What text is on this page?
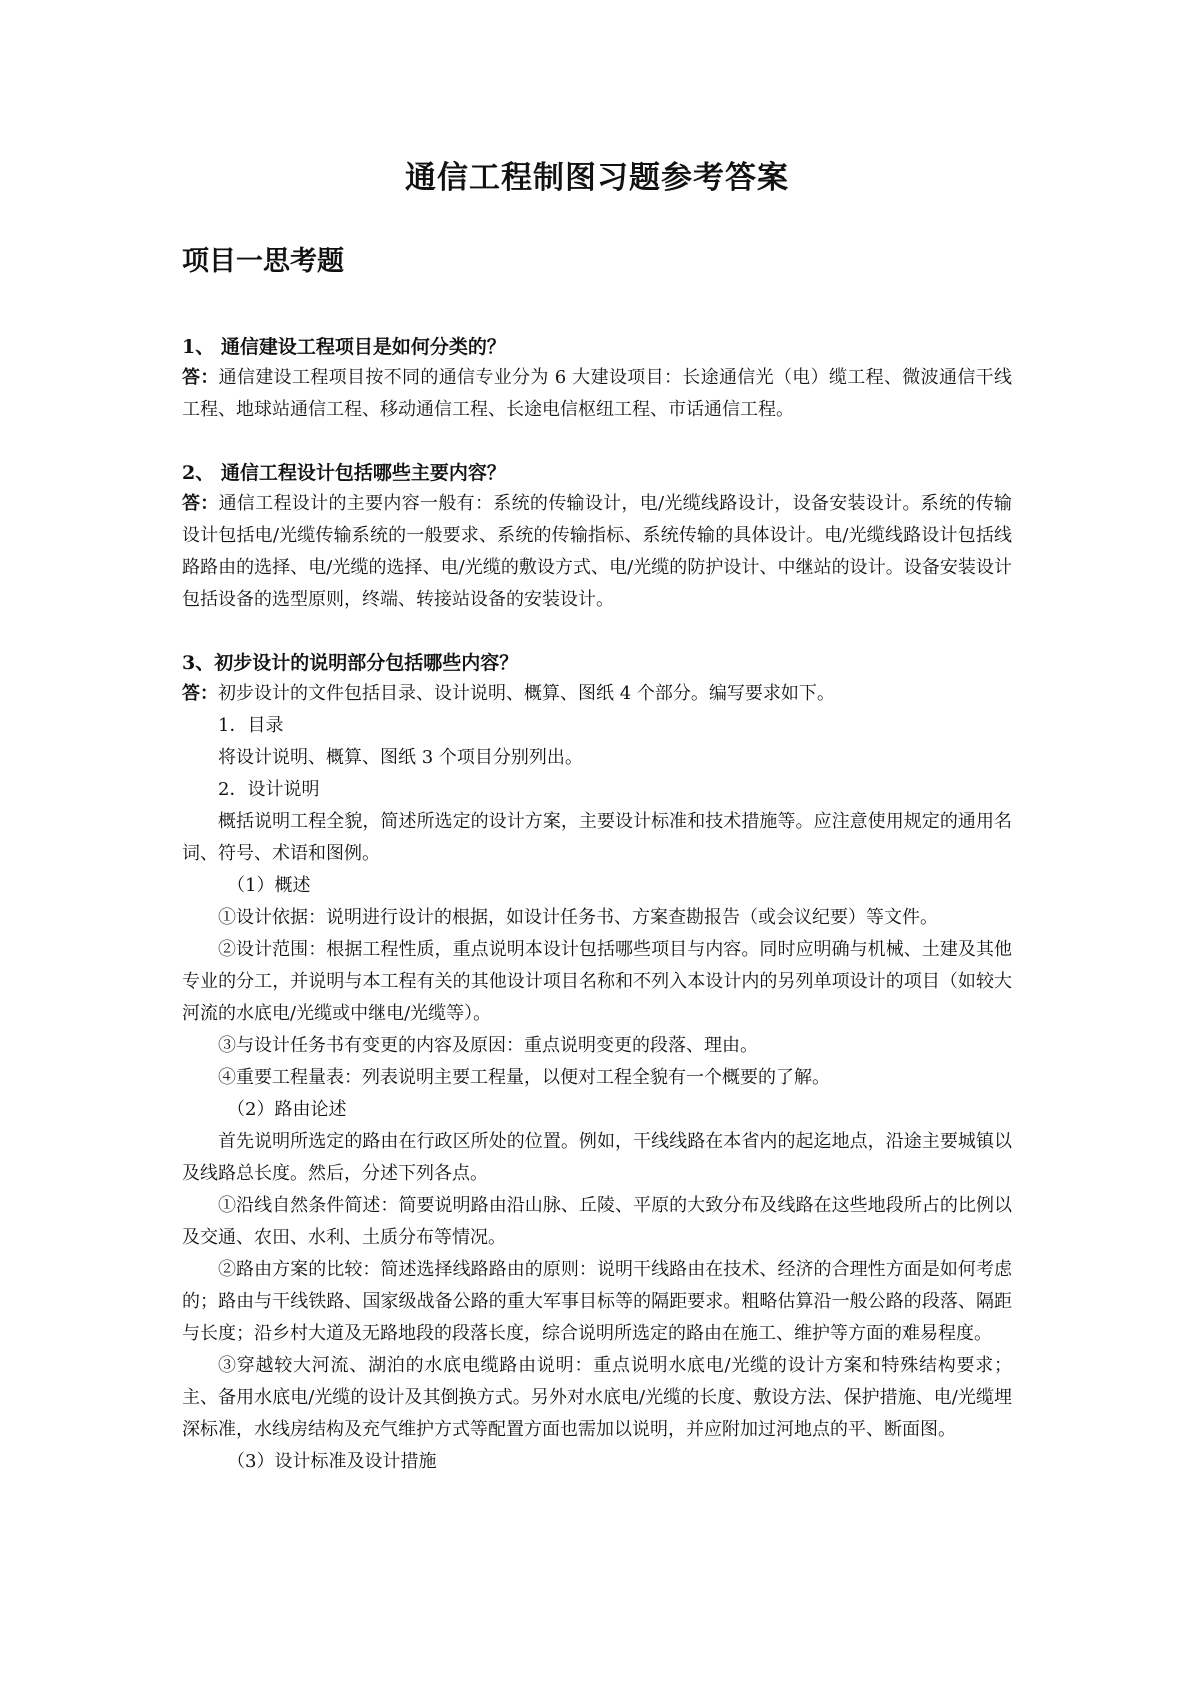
通信工程制图习题参考答案
项目一思考题
1、 通信建设工程项目是如何分类的？
答：通信建设工程项目按不同的通信专业分为 6 大建设项目：长途通信光（电）缆工程、微波通信干线工程、地球站通信工程、移动通信工程、长途电信枢纽工程、市话通信工程。
2、 通信工程设计包括哪些主要内容？
答：通信工程设计的主要内容一般有：系统的传输设计，电/光缆线路设计，设备安装设计。系统的传输设计包括电/光缆传输系统的一般要求、系统的传输指标、系统传输的具体设计。电/光缆线路设计包括线路路由的选择、电/光缆的选择、电/光缆的敷设方式、电/光缆的防护设计、中继站的设计。设备安装设计包括设备的选型原则，终端、转接站设备的安装设计。
3、初步设计的说明部分包括哪些内容？
答：初步设计的文件包括目录、设计说明、概算、图纸 4 个部分。编写要求如下。
1．目录
将设计说明、概算、图纸 3 个项目分别列出。
2．设计说明
概括说明工程全貌，简述所选定的设计方案，主要设计标准和技术措施等。应注意使用规定的通用名词、符号、术语和图例。
（1）概述
①设计依据：说明进行设计的根据，如设计任务书、方案查勘报告（或会议纪要）等文件。
②设计范围：根据工程性质，重点说明本设计包括哪些项目与内容。同时应明确与机械、土建及其他专业的分工，并说明与本工程有关的其他设计项目名称和不列入本设计内的另列单项设计的项目（如较大河流的水底电/光缆或中继电/光缆等）。
③与设计任务书有变更的内容及原因：重点说明变更的段落、理由。
④重要工程量表：列表说明主要工程量，以便对工程全貌有一个概要的了解。
（2）路由论述
首先说明所选定的路由在行政区所处的位置。例如，干线线路在本省内的起迄地点，沿途主要城镇以及线路总长度。然后，分述下列各点。
①沿线自然条件简述：简要说明路由沿山脉、丘陵、平原的大致分布及线路在这些地段所占的比例以及交通、农田、水利、土质分布等情况。
②路由方案的比较：简述选择线路路由的原则：说明干线路由在技术、经济的合理性方面是如何考虑的；路由与干线铁路、国家级战备公路的重大军事目标等的隔距要求。粗略估算沿一般公路的段落、隔距与长度；沿乡村大道及无路地段的段落长度，综合说明所选定的路由在施工、维护等方面的难易程度。
③穿越较大河流、湖泊的水底电缆路由说明：重点说明水底电/光缆的设计方案和特殊结构要求；主、备用水底电/光缆的设计及其倒换方式。另外对水底电/光缆的长度、敷设方法、保护措施、电/光缆埋深标准，水线房结构及充气维护方式等配置方面也需加以说明，并应附加过河地点的平、断面图。
（3）设计标准及设计措施
